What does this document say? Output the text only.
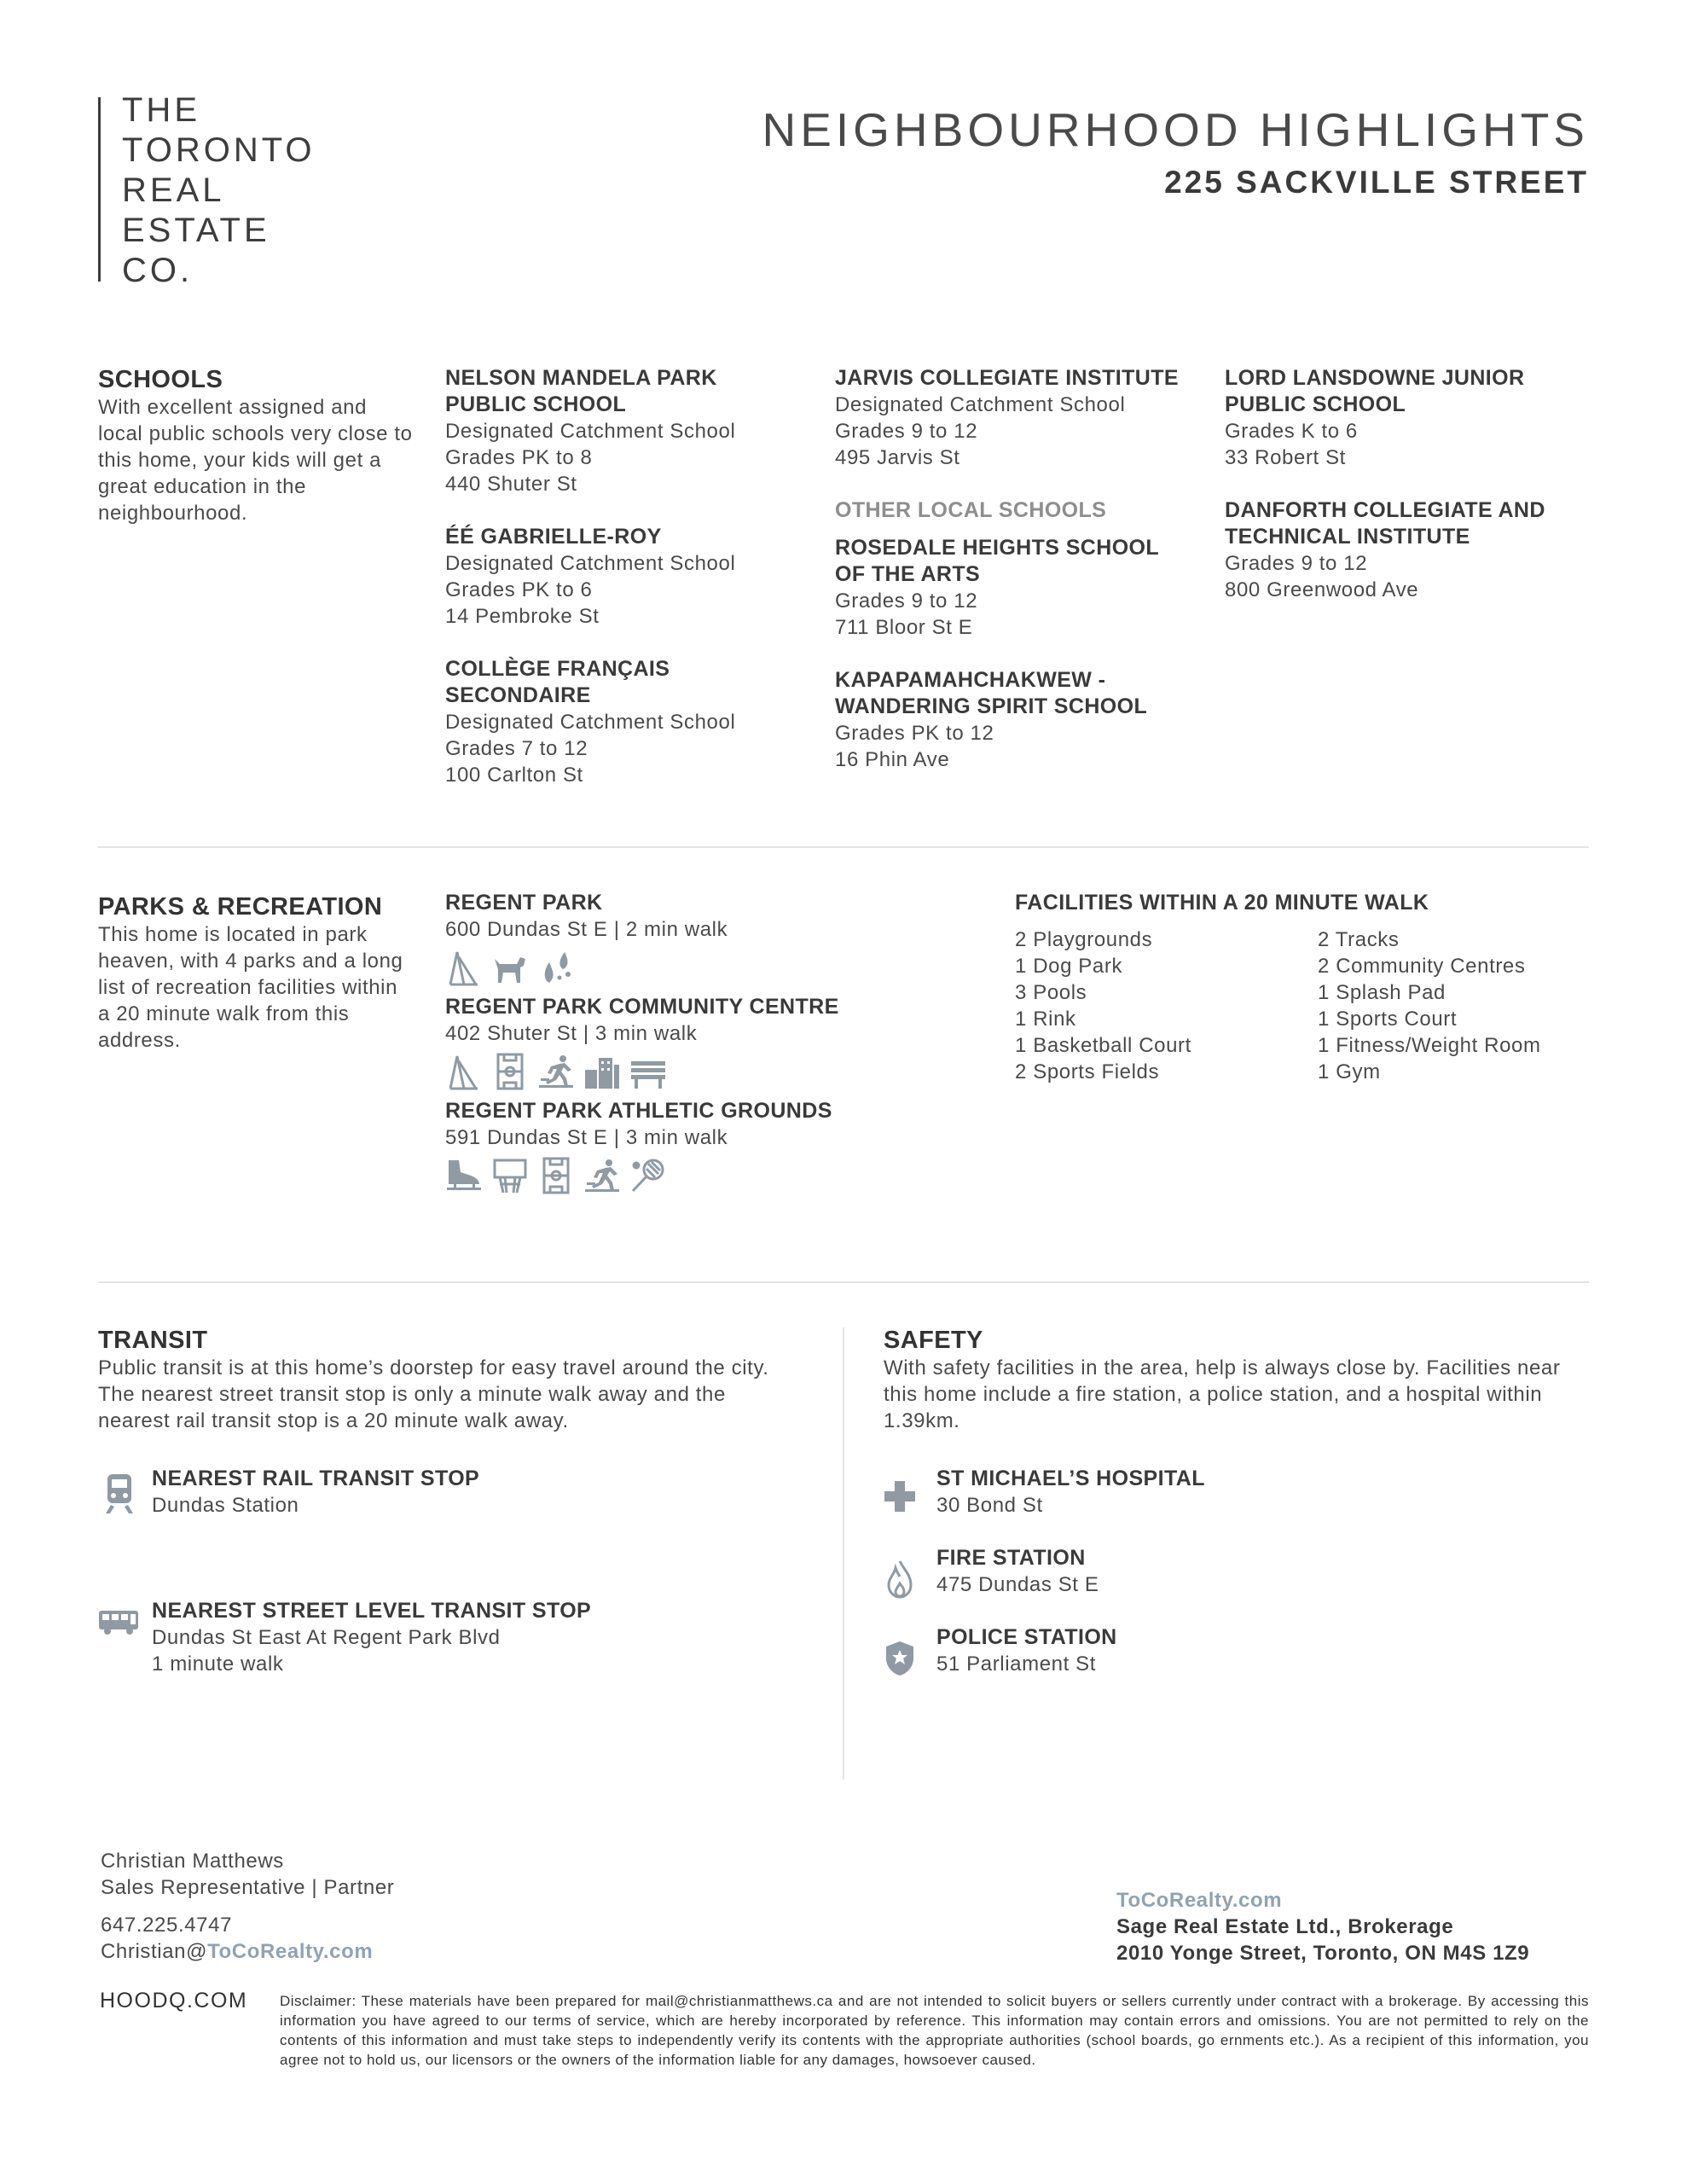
THE
TORONTO
REAL
ESTATE
CO.
NEIGHBOURHOOD HIGHLIGHTS
225 SACKVILLE STREET
SCHOOLS
With excellent assigned and local public schools very close to this home, your kids will get a great education in the neighbourhood.
NELSON MANDELA PARK PUBLIC SCHOOL
Designated Catchment School
Grades PK to 8
440 Shuter St
ÉÉ GABRIELLE-ROY
Designated Catchment School
Grades PK to 6
14 Pembroke St
COLLÈGE FRANÇAIS SECONDAIRE
Designated Catchment School
Grades 7 to 12
100 Carlton St
JARVIS COLLEGIATE INSTITUTE
Designated Catchment School
Grades 9 to 12
495 Jarvis St
OTHER LOCAL SCHOOLS
ROSEDALE HEIGHTS SCHOOL OF THE ARTS
Grades 9 to 12
711 Bloor St E
KAPAPAMAHCHAKWEW - WANDERING SPIRIT SCHOOL
Grades PK to 12
16 Phin Ave
LORD LANSDOWNE JUNIOR PUBLIC SCHOOL
Grades K to 6
33 Robert St
DANFORTH COLLEGIATE AND TECHNICAL INSTITUTE
Grades 9 to 12
800 Greenwood Ave
PARKS & RECREATION
This home is located in park heaven, with 4 parks and a long list of recreation facilities within a 20 minute walk from this address.
REGENT PARK
600 Dundas St E | 2 min walk
REGENT PARK COMMUNITY CENTRE
402 Shuter St | 3 min walk
REGENT PARK ATHLETIC GROUNDS
591 Dundas St E | 3 min walk
FACILITIES WITHIN A 20 MINUTE WALK
2 Playgrounds
1 Dog Park
3 Pools
1 Rink
1 Basketball Court
2 Sports Fields
2 Tracks
2 Community Centres
1 Splash Pad
1 Sports Court
1 Fitness/Weight Room
1 Gym
TRANSIT
Public transit is at this home’s doorstep for easy travel around the city. The nearest street transit stop is only a minute walk away and the nearest rail transit stop is a 20 minute walk away.
NEAREST RAIL TRANSIT STOP
Dundas Station
NEAREST STREET LEVEL TRANSIT STOP
Dundas St East At Regent Park Blvd
1 minute walk
SAFETY
With safety facilities in the area, help is always close by. Facilities near this home include a fire station, a police station, and a hospital within 1.39km.
ST MICHAEL’S HOSPITAL
30 Bond St
FIRE STATION
475 Dundas St E
POLICE STATION
51 Parliament St
Christian Matthews
Sales Representative | Partner
647.225.4747
Christian@ToCoRealty.com
ToCoRealty.com
Sage Real Estate Ltd., Brokerage
2010 Yonge Street, Toronto, ON M4S 1Z9
HOODQ.COM Disclaimer: These materials have been prepared for mail@christianmatthews.ca and are not intended to solicit buyers or sellers currently under contract with a brokerage. By accessing this information you have agreed to our terms of service, which are hereby incorporated by reference. This information may contain errors and omissions. You are not permitted to rely on the contents of this information and must take steps to independently verify its contents with the appropriate authorities (school boards, go ernments etc.). As a recipient of this information, you agree not to hold us, our licensors or the owners of the information liable for any damages, howsoever caused.
